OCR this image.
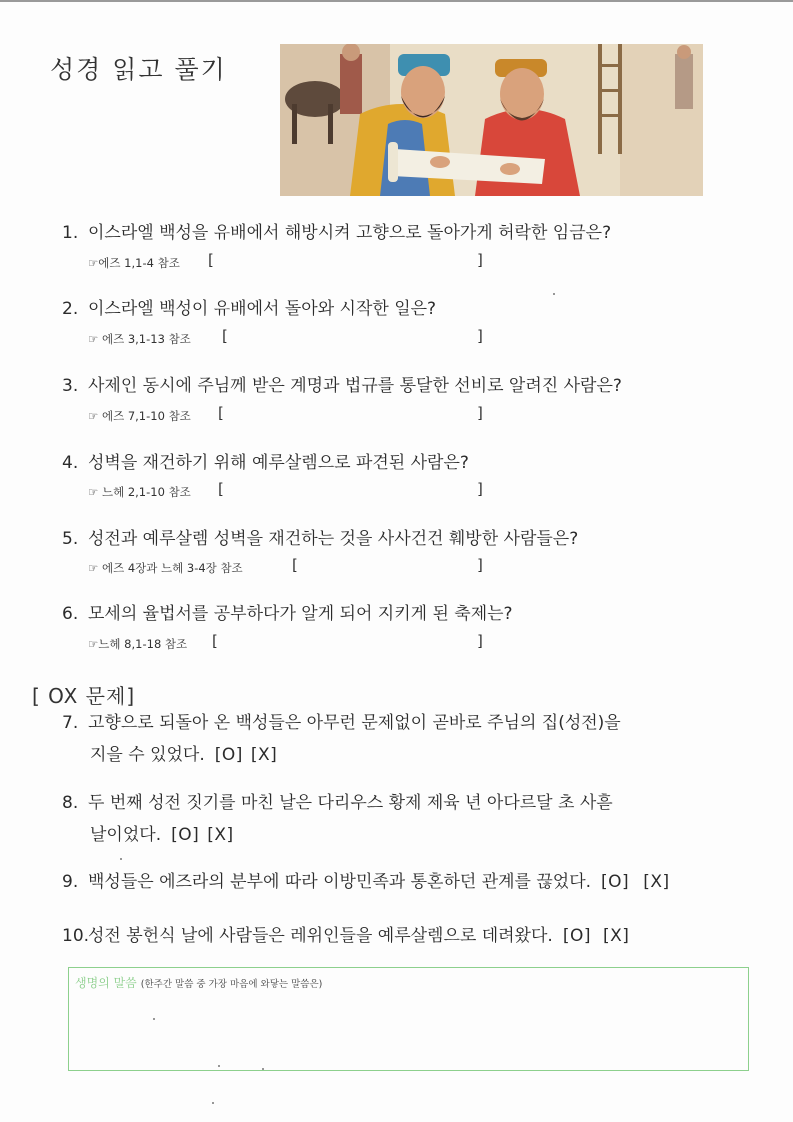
성경 읽고 풀기
1. 이스라엘 백성을 유배에서 해방시켜 고향으로 돌아가게 허락한 임금은?
☞에즈 1,1-4 참조 [	]
2. 이스라엘 백성이 유배에서 돌아와 시작한 일은?
☞ 에즈 3,1-13 참조 [	]
3. 사제인 동시에 주님께 받은 계명과 법규를 통달한 선비로 알려진 사람은?
☞ 에즈 7,1-10 참조 [	]
4. 성벽을 재건하기 위해 예루살렘으로 파견된 사람은?
☞ 느헤 2,1-10 참조 [	]
5. 성전과 예루살렘 성벽을 재건하는 것을 사사건건 훼방한 사람들은?
☞ 에즈 4장과 느헤 3-4장 참조	[	]
6. 모세의 율법서를 공부하다가 알게 되어 지키게 된 축제는?
☞느헤 8,1-18 참조 [	]
[ OX 문제]
7. 고향으로 되돌아 온 백성들은 아무런 문제없이 곧바로 주님의 집(성전)을
지을 수 있었다. [O] [X]
8. 두 번째 성전 짓기를 마친 날은 다리우스 황제 제육 년 아다르달 초 사흗
날이었다. [O] [X]
9. 백성들은 에즈라의 분부에 따라 이방민족과 통혼하던 관계를 끊었다. [O] [X]
10.성전 봉헌식 날에 사람들은 레위인들을 예루살렘으로 데려왔다. [O] [X]
생명의 말씀 (한주간 말씀 중 가장 마음에 와닿는 말씀은)
